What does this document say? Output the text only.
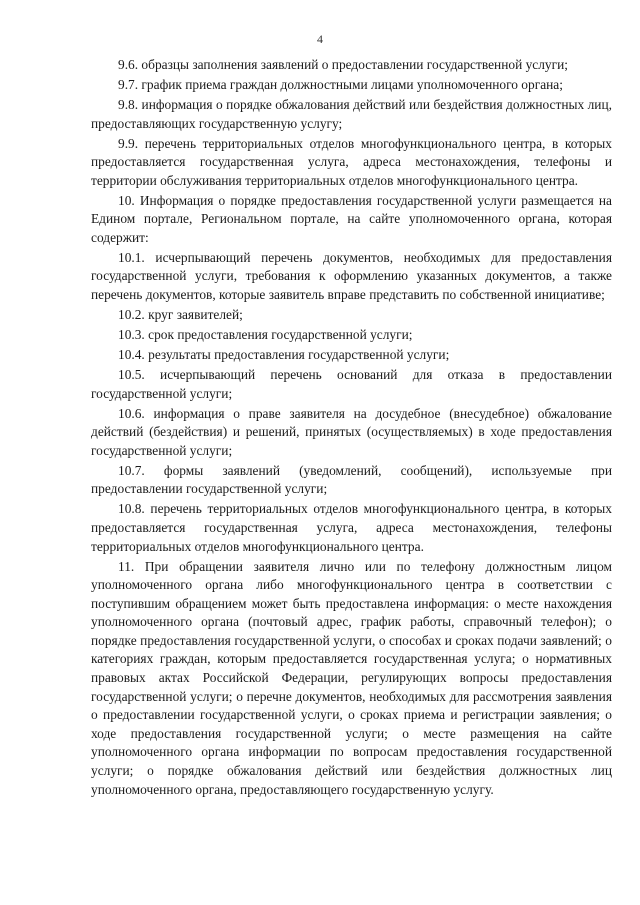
4

9.6. образцы заполнения заявлений о предоставлении государственной услуги;

9.7. график приема граждан должностными лицами уполномоченного органа;

9.8. информация о порядке обжалования действий или бездействия должностных лиц, предоставляющих государственную услугу;

9.9. перечень территориальных отделов многофункционального центра, в которых предоставляется государственная услуга, адреса местонахождения, телефоны и территории обслуживания территориальных отделов многофункционального центра.

10. Информация о порядке предоставления государственной услуги размещается на Едином портале, Региональном портале, на сайте уполномоченного органа, которая содержит:

10.1. исчерпывающий перечень документов, необходимых для предоставления государственной услуги, требования к оформлению указанных документов, а также перечень документов, которые заявитель вправе представить по собственной инициативе;

10.2. круг заявителей;

10.3. срок предоставления государственной услуги;

10.4. результаты предоставления государственной услуги;

10.5. исчерпывающий перечень оснований для отказа в предоставлении государственной услуги;

10.6. информация о праве заявителя на досудебное (внесудебное) обжалование действий (бездействия) и решений, принятых (осуществляемых) в ходе предоставления государственной услуги;

10.7. формы заявлений (уведомлений, сообщений), используемые при предоставлении государственной услуги;

10.8. перечень территориальных отделов многофункционального центра, в которых предоставляется государственная услуга, адреса местонахождения, телефоны территориальных отделов многофункционального центра.

11. При обращении заявителя лично или по телефону должностным лицом уполномоченного органа либо многофункционального центра в соответствии с поступившим обращением может быть предоставлена информация: о месте нахождения уполномоченного органа (почтовый адрес, график работы, справочный телефон); о порядке предоставления государственной услуги, о способах и сроках подачи заявлений; о категориях граждан, которым предоставляется государственная услуга; о нормативных правовых актах Российской Федерации, регулирующих вопросы предоставления государственной услуги; о перечне документов, необходимых для рассмотрения заявления о предоставлении государственной услуги, о сроках приема и регистрации заявления; о ходе предоставления государственной услуги; о месте размещения на сайте уполномоченного органа информации по вопросам предоставления государственной услуги; о порядке обжалования действий или бездействия должностных лиц уполномоченного органа, предоставляющего государственную услугу.
